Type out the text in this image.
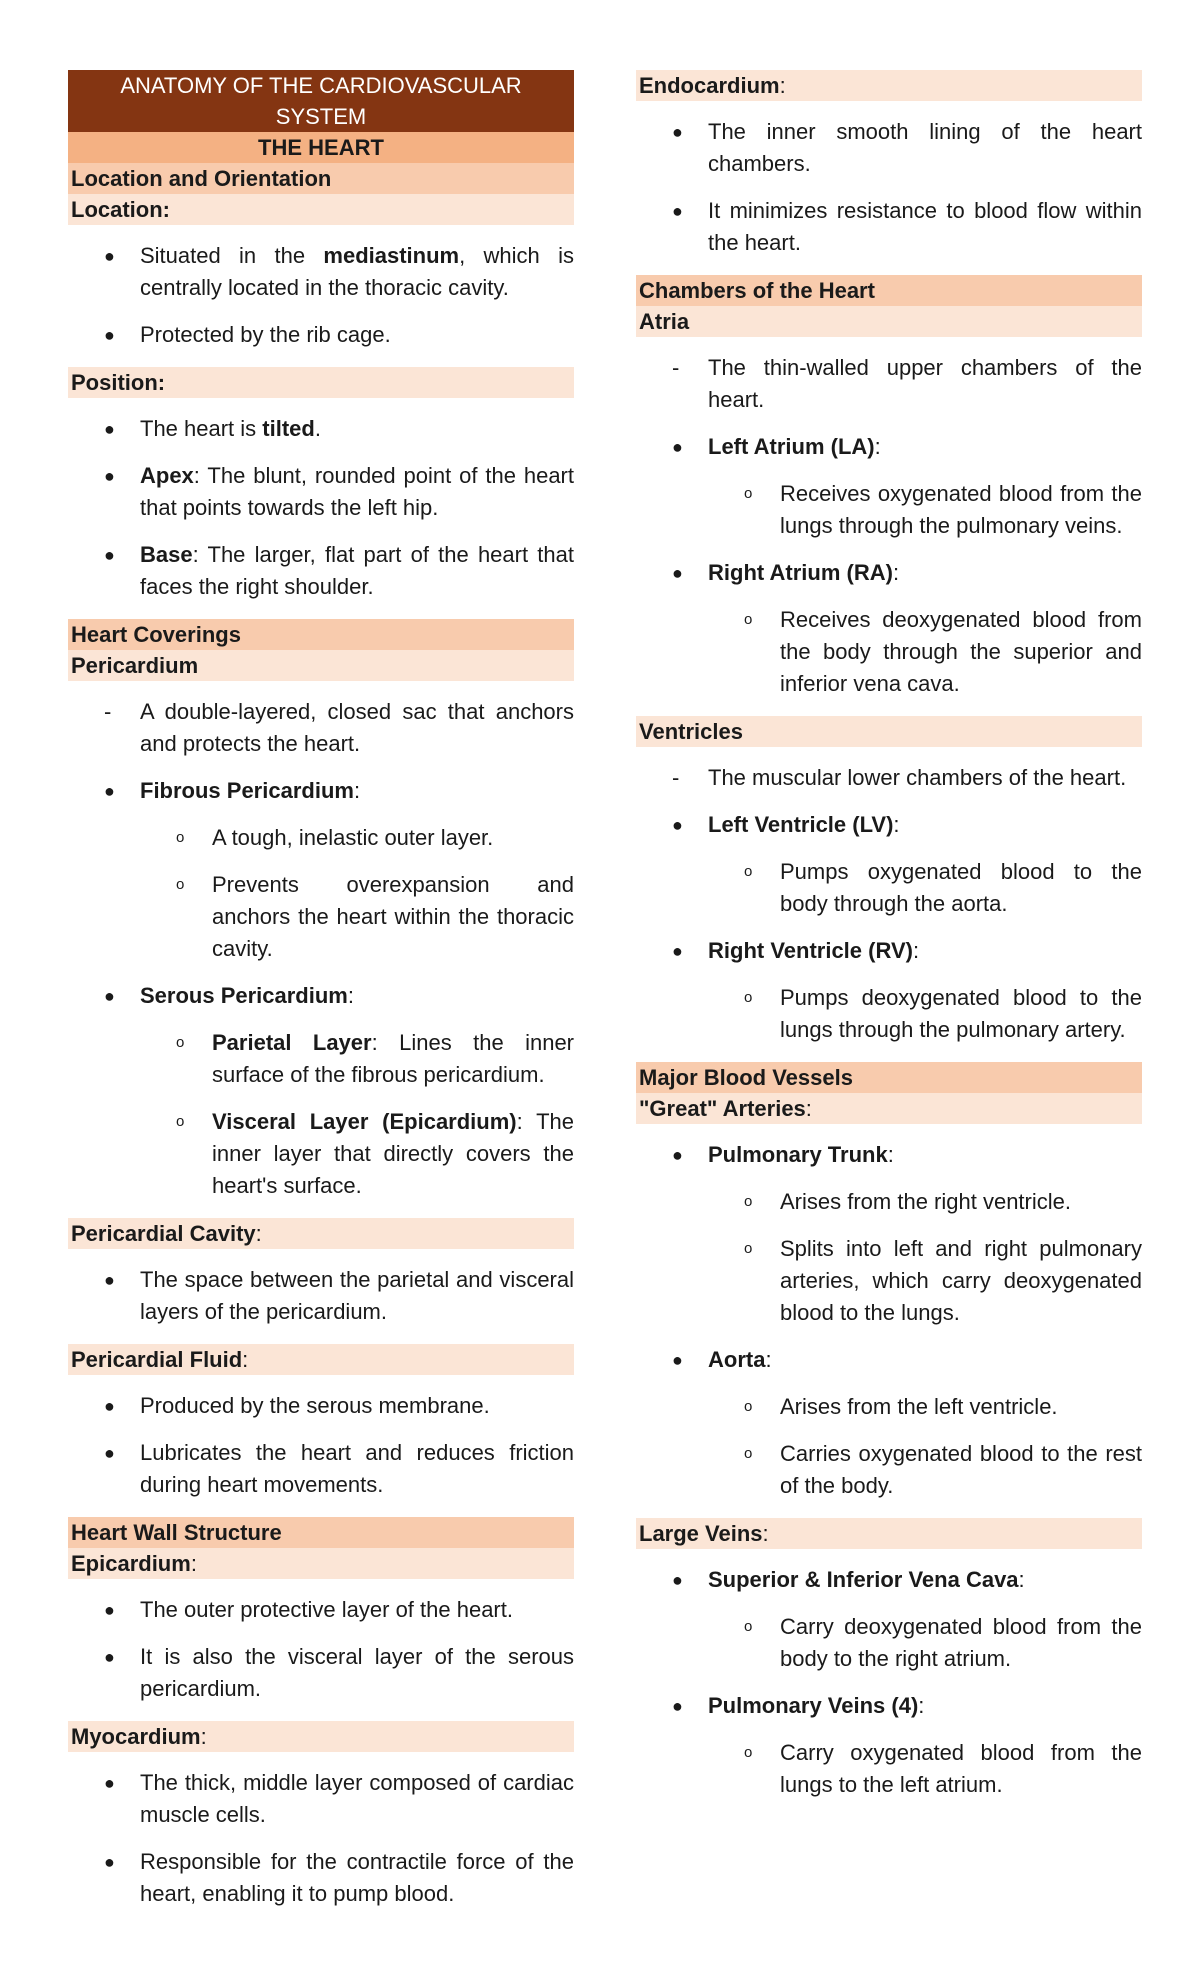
ANATOMY OF THE CARDIOVASCULAR SYSTEM
THE HEART
Location and Orientation
Location:
● Situated in the mediastinum, which is centrally located in the thoracic cavity.
● Protected by the rib cage.
Position:
● The heart is tilted.
● Apex: The blunt, rounded point of the heart that points towards the left hip.
● Base: The larger, flat part of the heart that faces the right shoulder.
Heart Coverings
Pericardium
- A double-layered, closed sac that anchors and protects the heart.
● Fibrous Pericardium:
o A tough, inelastic outer layer.
o Prevents overexpansion and anchors the heart within the thoracic cavity.
● Serous Pericardium:
o Parietal Layer: Lines the inner surface of the fibrous pericardium.
o Visceral Layer (Epicardium): The inner layer that directly covers the heart's surface.
Pericardial Cavity:
● The space between the parietal and visceral layers of the pericardium.
Pericardial Fluid:
● Produced by the serous membrane.
● Lubricates the heart and reduces friction during heart movements.
Heart Wall Structure
Epicardium:
● The outer protective layer of the heart.
● It is also the visceral layer of the serous pericardium.
Myocardium:
● The thick, middle layer composed of cardiac muscle cells.
● Responsible for the contractile force of the heart, enabling it to pump blood.
Endocardium:
● The inner smooth lining of the heart chambers.
● It minimizes resistance to blood flow within the heart.
Chambers of the Heart
Atria
- The thin-walled upper chambers of the heart.
● Left Atrium (LA):
o Receives oxygenated blood from the lungs through the pulmonary veins.
● Right Atrium (RA):
o Receives deoxygenated blood from the body through the superior and inferior vena cava.
Ventricles
- The muscular lower chambers of the heart.
● Left Ventricle (LV):
o Pumps oxygenated blood to the body through the aorta.
● Right Ventricle (RV):
o Pumps deoxygenated blood to the lungs through the pulmonary artery.
Major Blood Vessels
"Great" Arteries:
● Pulmonary Trunk:
o Arises from the right ventricle.
o Splits into left and right pulmonary arteries, which carry deoxygenated blood to the lungs.
● Aorta:
o Arises from the left ventricle.
o Carries oxygenated blood to the rest of the body.
Large Veins:
● Superior & Inferior Vena Cava:
o Carry deoxygenated blood from the body to the right atrium.
● Pulmonary Veins (4):
o Carry oxygenated blood from the lungs to the left atrium.
